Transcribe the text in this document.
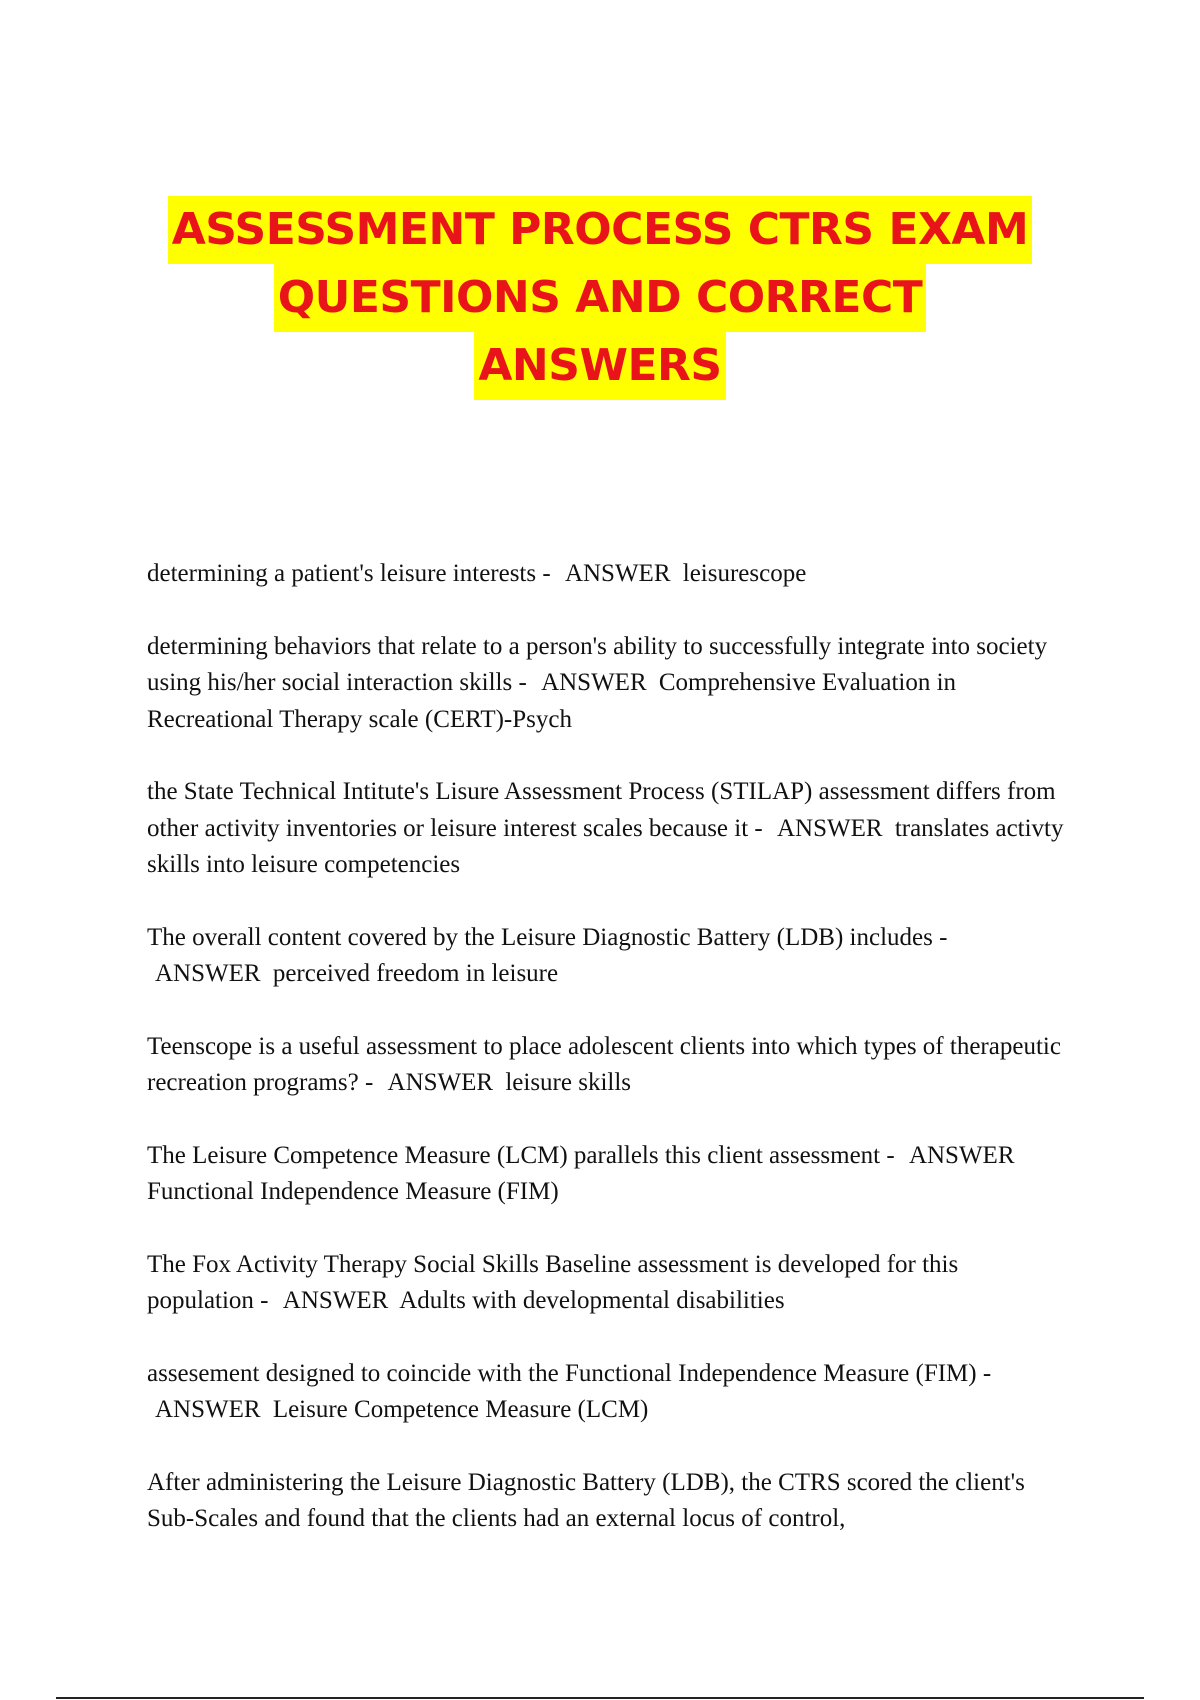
ASSESSMENT PROCESS CTRS EXAM
QUESTIONS AND CORRECT
ANSWERS

determining a patient's leisure interests - ANSWER leisurescope

determining behaviors that relate to a person's ability to successfully integrate into society using his/her social interaction skills - ANSWER Comprehensive Evaluation in Recreational Therapy scale (CERT)-Psych

the State Technical Intitute's Lisure Assessment Process (STILAP) assessment differs from other activity inventories or leisure interest scales because it - ANSWER translates activty skills into leisure competencies

The overall content covered by the Leisure Diagnostic Battery (LDB) includes - ANSWER perceived freedom in leisure

Teenscope is a useful assessment to place adolescent clients into which types of therapeutic recreation programs? - ANSWER leisure skills

The Leisure Competence Measure (LCM) parallels this client assessment - ANSWER Functional Independence Measure (FIM)

The Fox Activity Therapy Social Skills Baseline assessment is developed for this population - ANSWER Adults with developmental disabilities

assesement designed to coincide with the Functional Independence Measure (FIM) - ANSWER Leisure Competence Measure (LCM)

After administering the Leisure Diagnostic Battery (LDB), the CTRS scored the client's Sub-Scales and found that the clients had an external locus of control,
